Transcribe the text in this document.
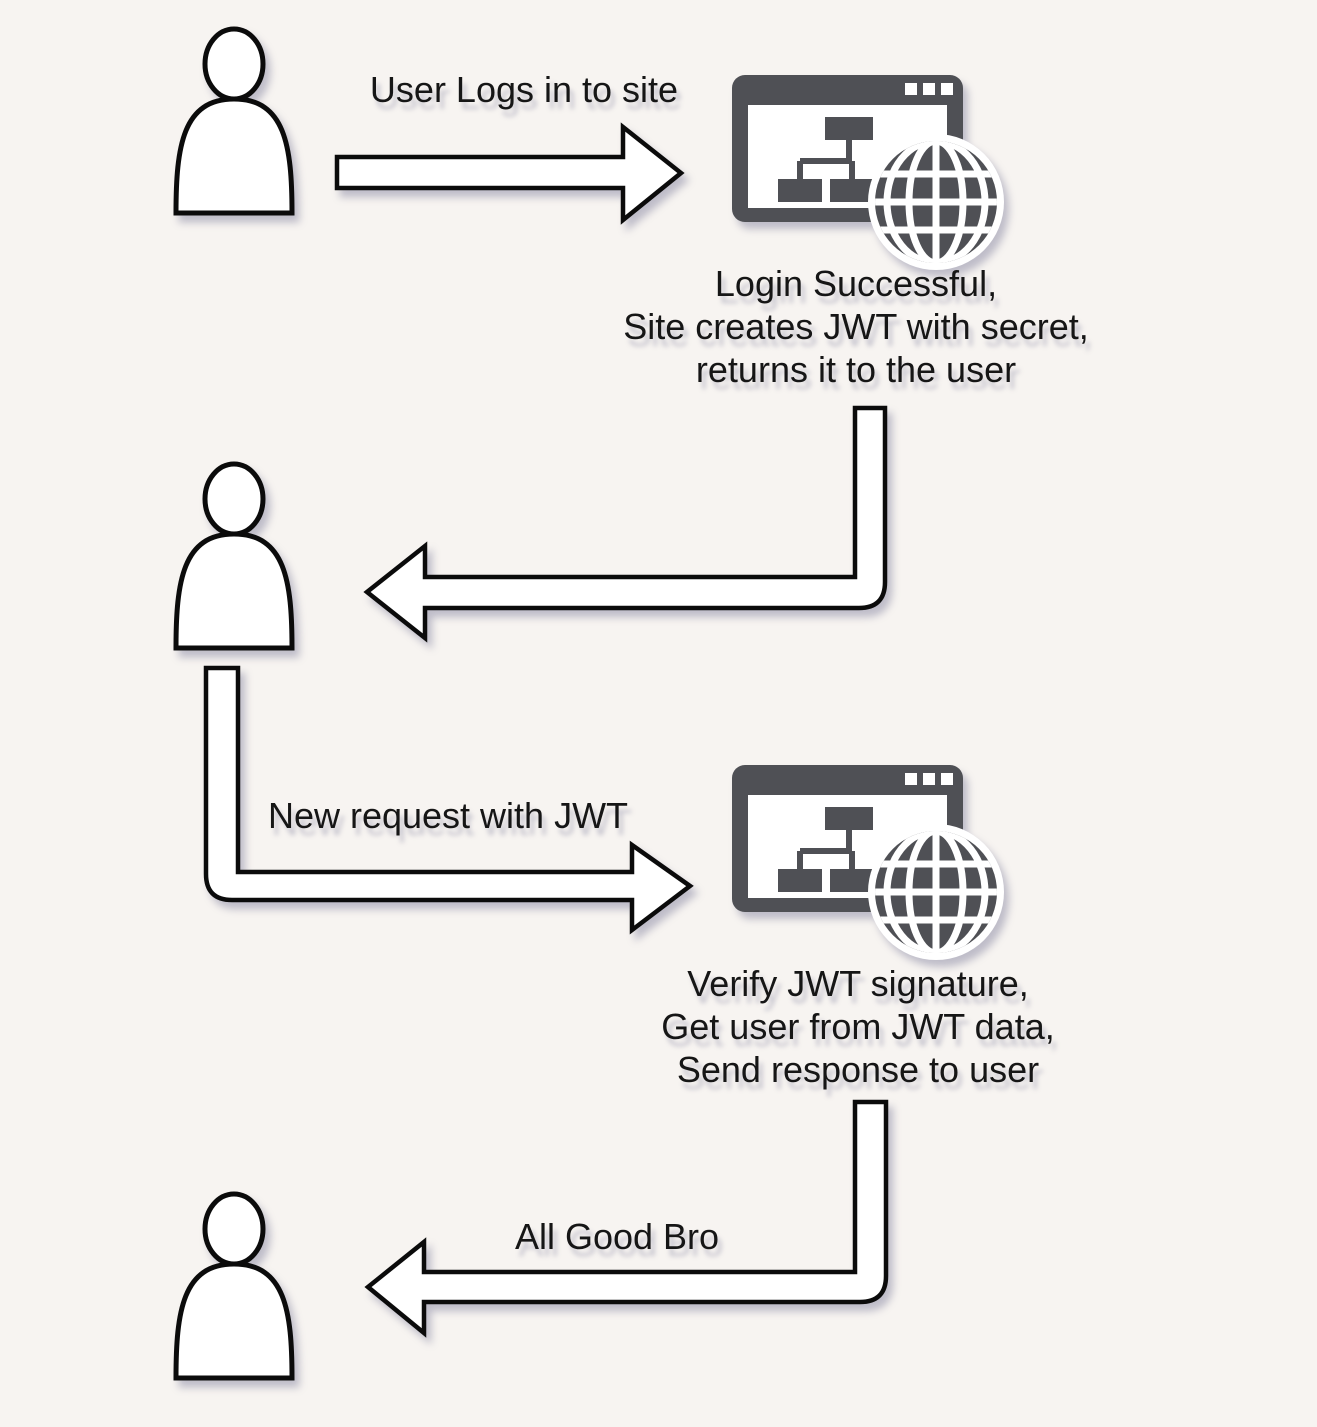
User Logs in to site
Login Successful,
Site creates JWT with secret,
returns it to the user
New request with JWT
Verify JWT signature,
Get user from JWT data,
Send response to user
All Good Bro
